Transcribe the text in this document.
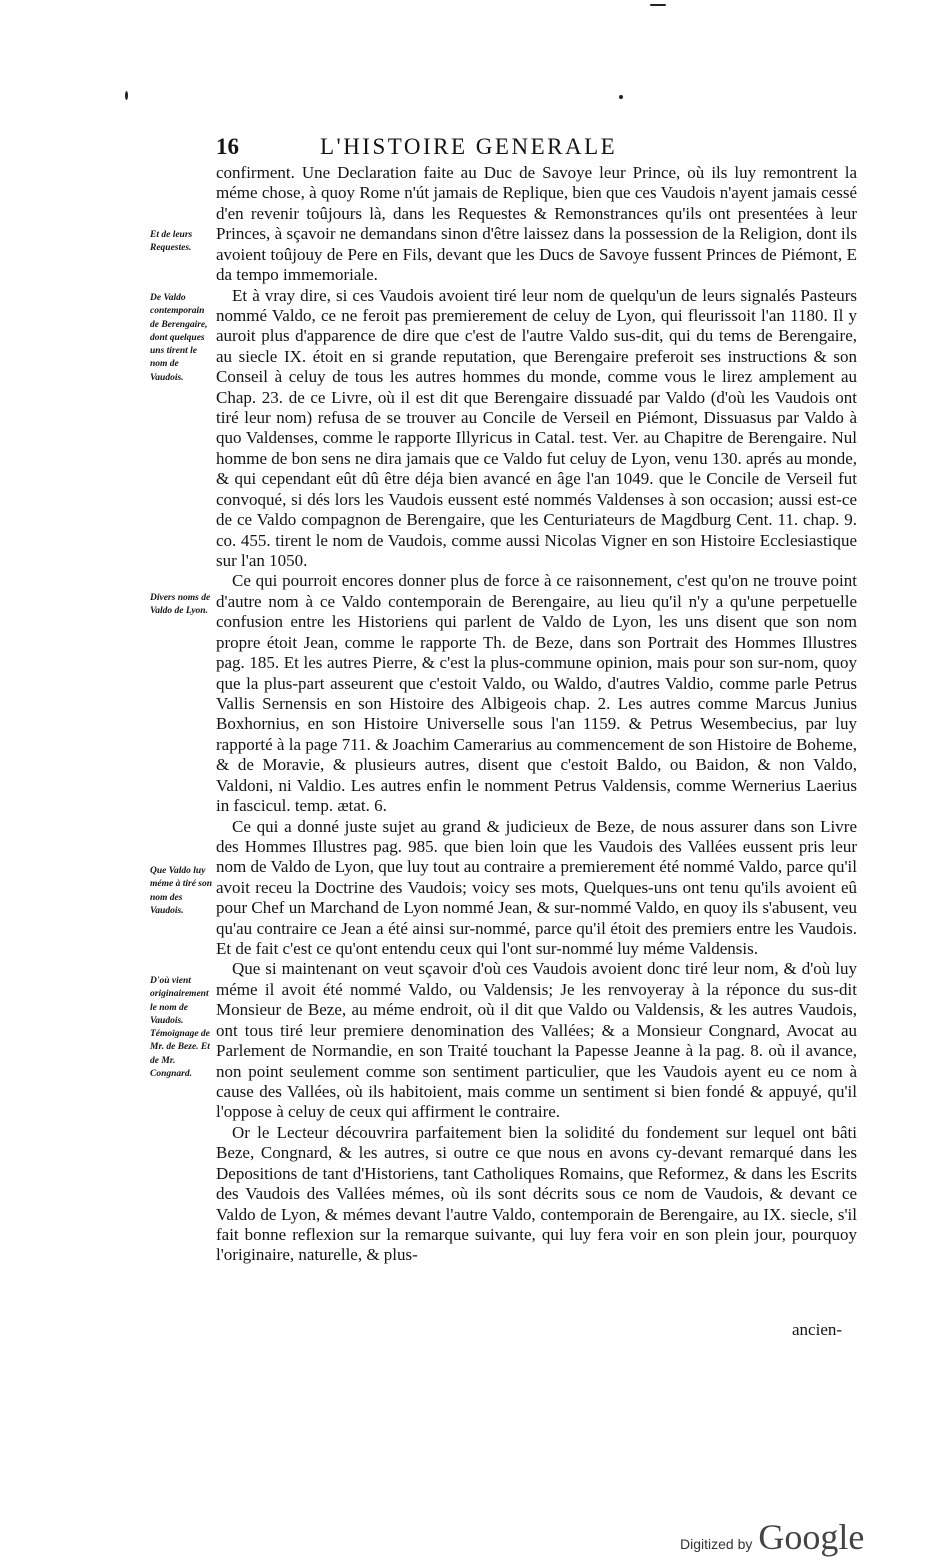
16	L'HISTOIRE GENERALE
Et de leurs Requestes.
De Valdo contemporain de Berengaire, dont quelques uns tirent le nom de Vaudois.
Divers noms de Valdo de Lyon.
Que Valdo luy méme à tiré son nom des Vaudois.
D'où vient originairement le nom de Vaudois. Témoignage de Mr. de Beze. Et de Mr. Congnard.

confirment. Une Declaration faite au Duc de Savoye leur Prince, où ils luy remontrent la méme chose, à quoy Rome n'út jamais de Replique, bien que ces Vaudois n'ayent jamais cessé d'en revenir toûjours là, dans les Requestes & Remonstrances qu'ils ont presentées à leur Princes, à sçavoir ne demandans sinon d'être laissez dans la possession de la Religion, dont ils avoient toûjouy de Pere en Fils, devant que les Ducs de Savoye fussent Princes de Piémont, E da tempo immemoriale.

Et à vray dire, si ces Vaudois avoient tiré leur nom de quelqu'un de leurs signalés Pasteurs nommé Valdo, ce ne feroit pas premierement de celuy de Lyon, qui fleurissoit l'an 1180. Il y auroit plus d'apparence de dire que c'est de l'autre Valdo sus-dit, qui du tems de Berengaire, au siecle IX. étoit en si grande reputation, que Berengaire preferoit ses instructions & son Conseil à celuy de tous les autres hommes du monde, comme vous le lirez amplement au Chap. 23. de ce Livre, où il est dit que Berengaire dissuadé par Valdo (d'où les Vaudois ont tiré leur nom) refusa de se trouver au Concile de Verseil en Piémont, Dissuasus par Valdo à quo Valdenses, comme le rapporte Illyricus in Catal. test. Ver. au Chapitre de Berengaire. Nul homme de bon sens ne dira jamais que ce Valdo fut celuy de Lyon, venu 130. aprés au monde, & qui cependant eût dû être déja bien avancé en âge l'an 1049. que le Concile de Verseil fut convoqué, si dés lors les Vaudois eussent esté nommés Valdenses à son occasion; aussi est-ce de ce Valdo compagnon de Berengaire, que les Centuriateurs de Magdburg Cent. 11. chap. 9. co. 455. tirent le nom de Vaudois, comme aussi Nicolas Vigner en son Histoire Ecclesiastique sur l'an 1050.

Ce qui pourroit encores donner plus de force à ce raisonnement, c'est qu'on ne trouve point d'autre nom à ce Valdo contemporain de Berengaire, au lieu qu'il n'y a qu'une perpetuelle confusion entre les Historiens qui parlent de Valdo de Lyon, les uns disent que son nom propre étoit Jean, comme le rapporte Th. de Beze, dans son Portrait des Hommes Illustres pag. 185. Et les autres Pierre, & c'est la plus-commune opinion, mais pour son sur-nom, quoy que la plus-part asseurent que c'estoit Valdo, ou Waldo, d'autres Valdio, comme parle Petrus Vallis Sernensis en son Histoire des Albigeois chap. 2. Les autres comme Marcus Junius Boxhornius, en son Histoire Universelle sous l'an 1159. & Petrus Wesembecius, par luy rapporté à la page 711. & Joachim Camerarius au commencement de son Histoire de Boheme, & de Moravie, & plusieurs autres, disent que c'estoit Baldo, ou Baidon, & non Valdo, Valdoni, ni Valdio. Les autres enfin le nomment Petrus Valdensis, comme Wernerius Laerius in fascicul. temp. ætat. 6.

Ce qui a donné juste sujet au grand & judicieux de Beze, de nous assurer dans son Livre des Hommes Illustres pag. 985. que bien loin que les Vaudois des Vallées eussent pris leur nom de Valdo de Lyon, que luy tout au contraire a premierement été nommé Valdo, parce qu'il avoit receu la Doctrine des Vaudois; voicy ses mots, Quelques-uns ont tenu qu'ils avoient eû pour Chef un Marchand de Lyon nommé Jean, & sur-nommé Valdo, en quoy ils s'abusent, veu qu'au contraire ce Jean a été ainsi sur-nommé, parce qu'il étoit des premiers entre les Vaudois. Et de fait c'est ce qu'ont entendu ceux qui l'ont sur-nommé luy méme Valdensis.

Que si maintenant on veut sçavoir d'où ces Vaudois avoient donc tiré leur nom, & d'où luy méme il avoit été nommé Valdo, ou Valdensis; Je les renvoyeray à la réponce du sus-dit Monsieur de Beze, au méme endroit, où il dit que Valdo ou Valdensis, & les autres Vaudois, ont tous tiré leur premiere denomination des Vallées; & a Monsieur Congnard, Avocat au Parlement de Normandie, en son Traité touchant la Papesse Jeanne à la pag. 8. où il avance, non point seulement comme son sentiment particulier, que les Vaudois ayent eu ce nom à cause des Vallées, où ils habitoient, mais comme un sentiment si bien fondé & appuyé, qu'il l'oppose à celuy de ceux qui affirment le contraire.

Or le Lecteur découvrira parfaitement bien la solidité du fondement sur lequel ont bâti Beze, Congnard, & les autres, si outre ce que nous en avons cy-devant remarqué dans les Depositions de tant d'Historiens, tant Catholiques Romains, que Reformez, & dans les Escrits des Vaudois des Vallées mémes, où ils sont décrits sous ce nom de Vaudois, & devant ce Valdo de Lyon, & mémes devant l'autre Valdo, contemporain de Berengaire, au IX. siecle, s'il fait bonne reflexion sur la remarque suivante, qui luy fera voir en son plein jour, pourquoy l'originaire, naturelle, & plus-

ancien-
Digitized by Google
